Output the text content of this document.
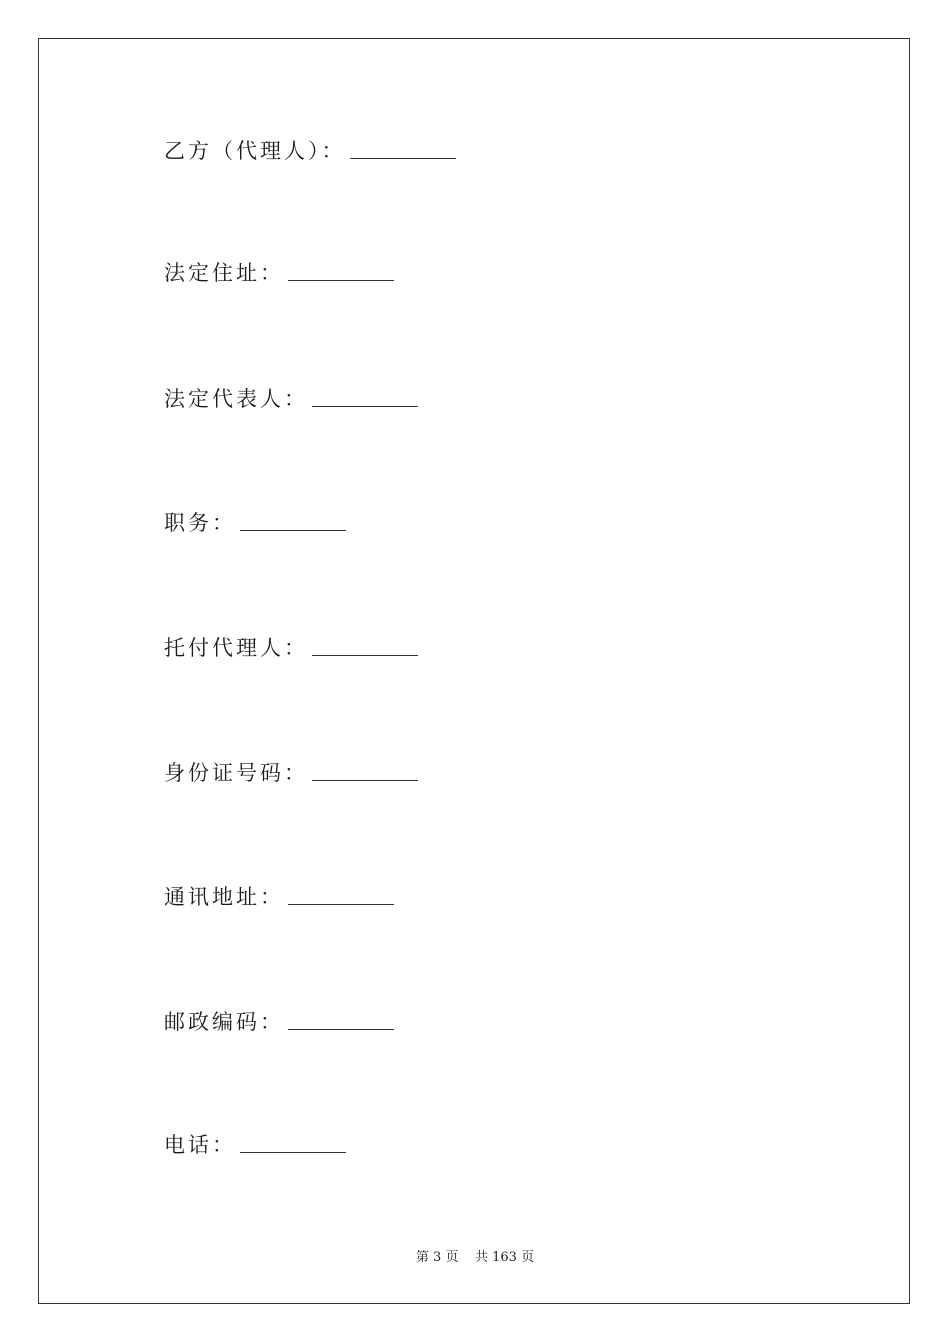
乙方（代理人）：
法定住址：
法定代表人：
职务：
托付代理人：
身份证号码：
通讯地址：
邮政编码：
电话：
第 3 页    共 163 页
